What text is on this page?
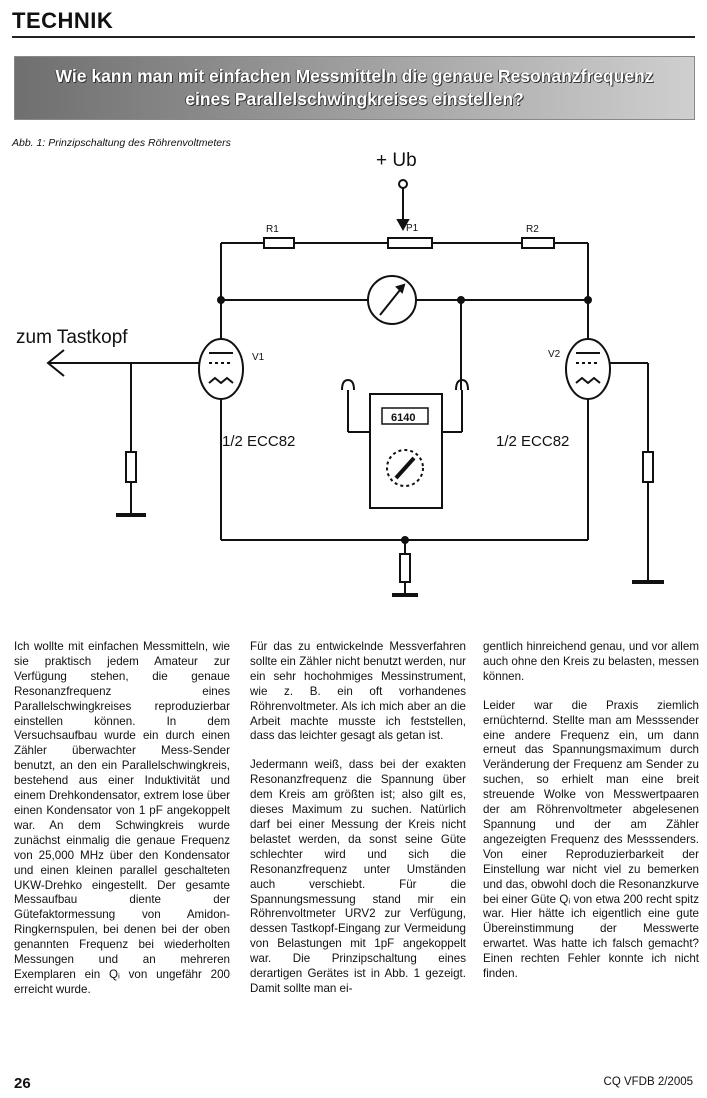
TECHNIK
Wie kann man mit einfachen Messmitteln die genaue Resonanzfrequenz
eines Parallelschwingkreises einstellen?
Abb. 1: Prinzipschaltung des Röhrenvoltmeters
+ Ub
R1	P1	R2
V1	V2
zum Tastkopf
1/2 ECC82	1/2 ECC82
6140

Ich wollte mit einfachen Messmitteln, wie sie praktisch jedem Amateur zur Verfügung stehen, die genaue Resonanzfrequenz eines Parallelschwingkreises reproduzierbar einstellen können. In dem Versuchsaufbau wurde ein durch einen Zähler überwachter Mess-Sender benutzt, an den ein Parallelschwingkreis, bestehend aus einer Induktivität und einem Drehkondensator, extrem lose über einen Kondensator von 1 pF angekoppelt war. An dem Schwingkreis wurde zunächst einmalig die genaue Frequenz von 25,000 MHz über den Kondensator und einen kleinen parallel geschalteten UKW-Drehko eingestellt. Der gesamte Messaufbau diente der Gütefaktormessung von Amidon-Ringkernspulen, bei denen bei der oben genannten Frequenz bei wiederholten Messungen und an mehreren Exemplaren ein Qᵢ von ungefähr 200 erreicht wurde.

Für das zu entwickelnde Messverfahren sollte ein Zähler nicht benutzt werden, nur ein sehr hochohmiges Messinstrument, wie z. B. ein oft vorhandenes Röhrenvoltmeter. Als ich mich aber an die Arbeit machte musste ich feststellen, dass das leichter gesagt als getan ist.

Jedermann weiß, dass bei der exakten Resonanzfrequenz die Spannung über dem Kreis am größten ist; also gilt es, dieses Maximum zu suchen. Natürlich darf bei einer Messung der Kreis nicht belastet werden, da sonst seine Güte schlechter wird und sich die Resonanzfrequenz unter Umständen auch verschiebt. Für die Spannungsmessung stand mir ein Röhrenvoltmeter URV2 zur Verfügung, dessen Tastkopf-Eingang zur Vermeidung von Belastungen mit 1pF angekoppelt war. Die Prinzipschaltung eines derartigen Gerätes ist in Abb. 1 gezeigt. Damit sollte man ei-

gentlich hinreichend genau, und vor allem auch ohne den Kreis zu belasten, messen können.

Leider war die Praxis ziemlich ernüchternd. Stellte man am Messsender eine andere Frequenz ein, um dann erneut das Spannungsmaximum durch Veränderung der Frequenz am Sender zu suchen, so erhielt man eine breit streuende Wolke von Messwertpaaren der am Röhrenvoltmeter abgelesenen Spannung und der am Zähler angezeigten Frequenz des Messsenders. Von einer Reproduzierbarkeit der Einstellung war nicht viel zu bemerken und das, obwohl doch die Resonanzkurve bei einer Güte Qᵢ von etwa 200 recht spitz war. Hier hätte ich eigentlich eine gute Übereinstimmung der Messwerte erwartet. Was hatte ich falsch gemacht? Einen rechten Fehler konnte ich nicht finden.

26	CQ VFDB 2/2005
